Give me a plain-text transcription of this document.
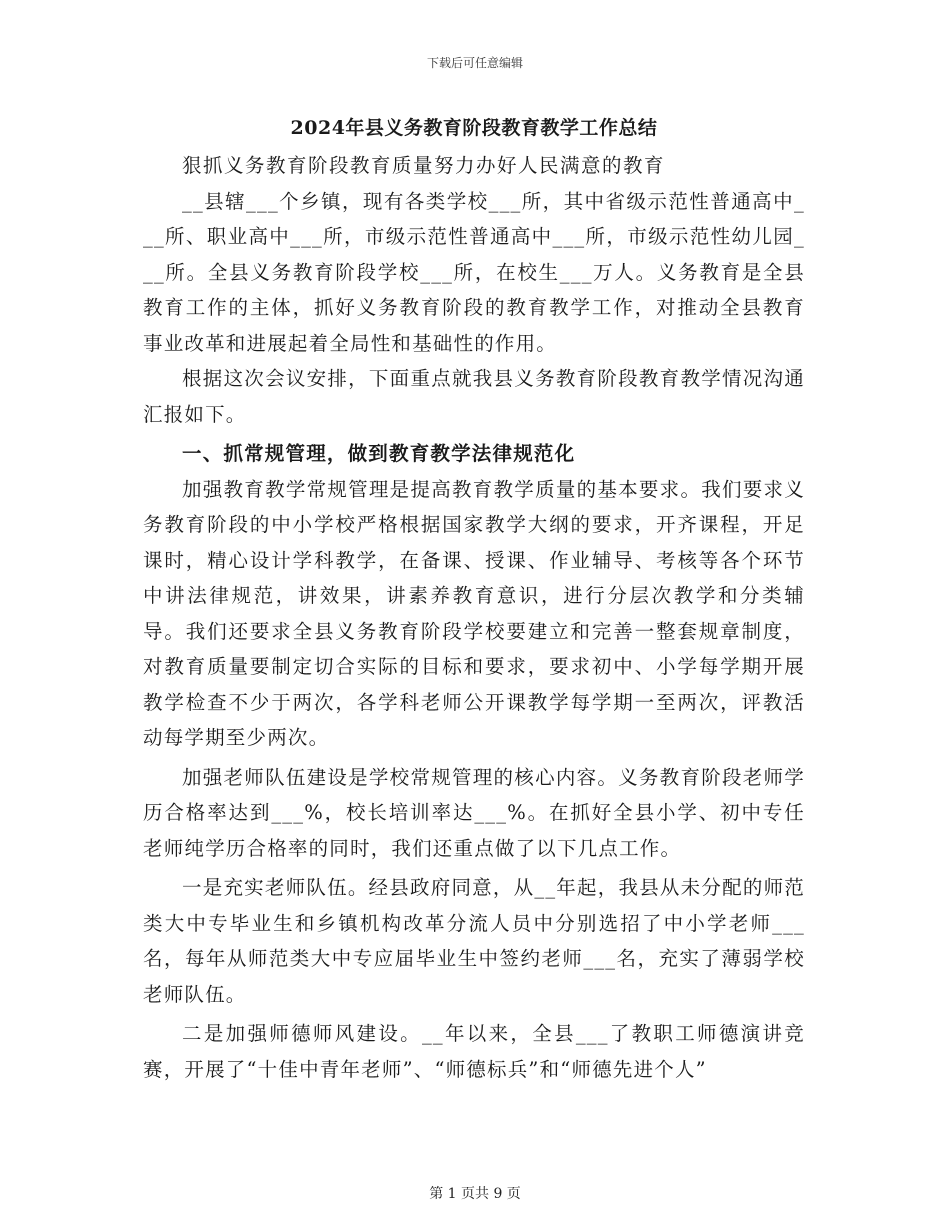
下载后可任意编辑
2024年县义务教育阶段教育教学工作总结

狠抓义务教育阶段教育质量努力办好人民满意的教育

__县辖___个乡镇，现有各类学校___所，其中省级示范性普通高中___所、职业高中___所，市级示范性普通高中___所，市级示范性幼儿园___所。全县义务教育阶段学校___所，在校生___万人。义务教育是全县教育工作的主体，抓好义务教育阶段的教育教学工作，对推动全县教育事业改革和进展起着全局性和基础性的作用。

根据这次会议安排，下面重点就我县义务教育阶段教育教学情况沟通汇报如下。

一、抓常规管理，做到教育教学法律规范化

加强教育教学常规管理是提高教育教学质量的基本要求。我们要求义务教育阶段的中小学校严格根据国家教学大纲的要求，开齐课程，开足课时，精心设计学科教学，在备课、授课、作业辅导、考核等各个环节中讲法律规范，讲效果，讲素养教育意识，进行分层次教学和分类辅导。我们还要求全县义务教育阶段学校要建立和完善一整套规章制度，对教育质量要制定切合实际的目标和要求，要求初中、小学每学期开展教学检查不少于两次，各学科老师公开课教学每学期一至两次，评教活动每学期至少两次。

加强老师队伍建设是学校常规管理的核心内容。义务教育阶段老师学历合格率达到___%，校长培训率达___%。在抓好全县小学、初中专任老师纯学历合格率的同时，我们还重点做了以下几点工作。

一是充实老师队伍。经县政府同意，从__年起，我县从未分配的师范类大中专毕业生和乡镇机构改革分流人员中分别选招了中小学老师___名，每年从师范类大中专应届毕业生中签约老师___名，充实了薄弱学校老师队伍。

二是加强师德师风建设。__年以来，全县___了教职工师德演讲竞赛，开展了“十佳中青年老师”、“师德标兵”和“师德先进个人”

第 1 页共 9 页
